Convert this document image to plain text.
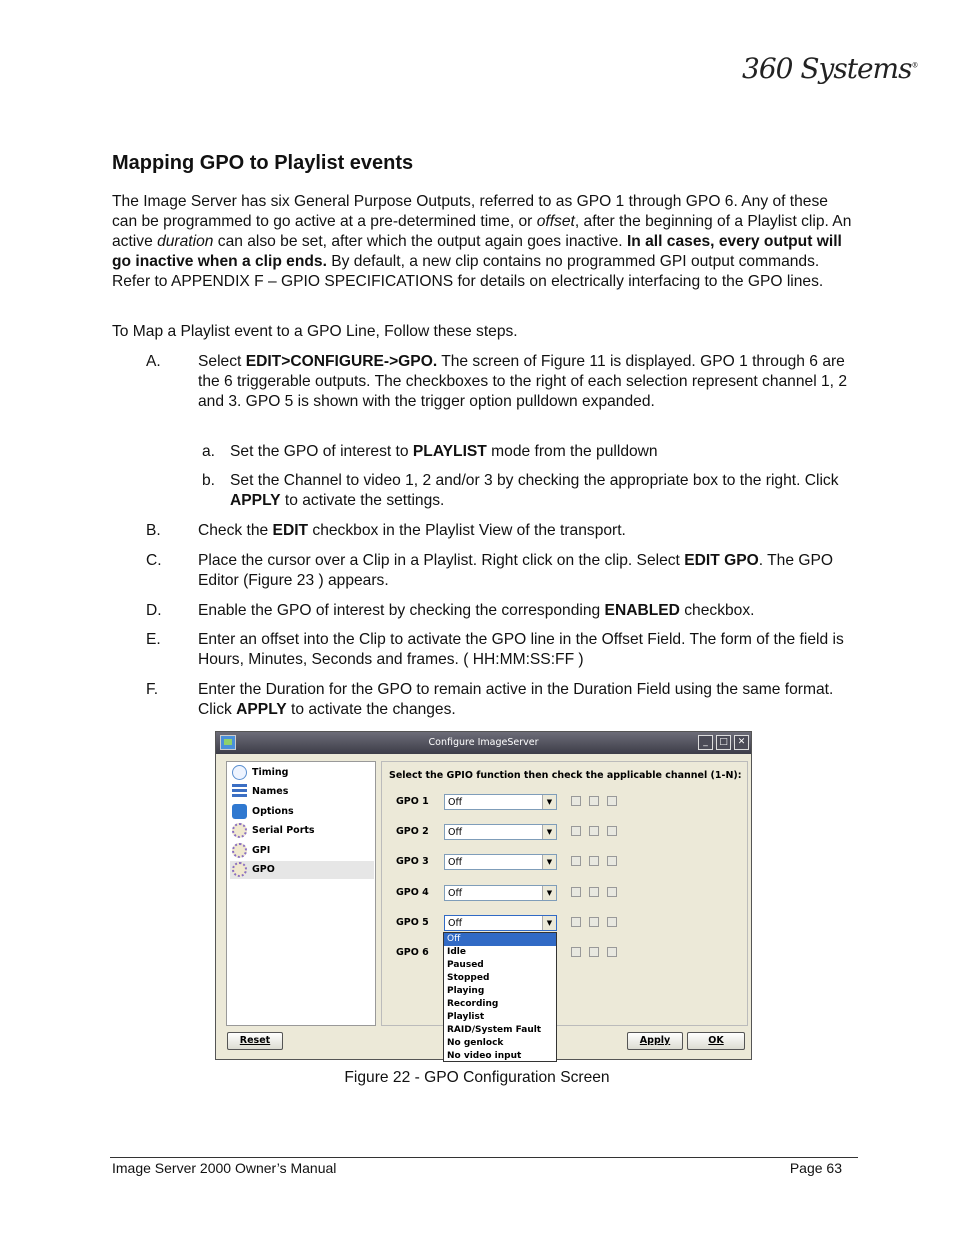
360 Systems®
Mapping GPO to Playlist events

The Image Server has six General Purpose Outputs, referred to as GPO 1 through GPO 6. Any of these can be programmed to go active at a pre-determined time, or offset, after the beginning of a Playlist clip. An active duration can also be set, after which the output again goes inactive. In all cases, every output will go inactive when a clip ends. By default, a new clip contains no programmed GPI output commands. Refer to APPENDIX F – GPIO SPECIFICATIONS for details on electrically interfacing to the GPO lines.

To Map a Playlist event to a GPO Line, Follow these steps.

A.	Select EDIT>CONFIGURE->GPO. The screen of Figure 11 is displayed. GPO 1 through 6 are the 6 triggerable outputs. The checkboxes to the right of each selection represent channel 1, 2 and 3. GPO 5 is shown with the trigger option pulldown expanded.
a. Set the GPO of interest to PLAYLIST mode from the pulldown
b. Set the Channel to video 1, 2 and/or 3 by checking the appropriate box to the right. Click APPLY to activate the settings.
B.	Check the EDIT checkbox in the Playlist View of the transport.
C.	Place the cursor over a Clip in a Playlist. Right click on the clip. Select EDIT GPO. The GPO Editor (Figure 23 ) appears.
D.	Enable the GPO of interest by checking the corresponding ENABLED checkbox.
E.	Enter an offset into the Clip to activate the GPO line in the Offset Field. The form of the field is Hours, Minutes, Seconds and frames. ( HH:MM:SS:FF )
F.	Enter the Duration for the GPO to remain active in the Duration Field using the same format. Click APPLY to activate the changes.
Configure ImageServer	_	□	✕
Timing
Names
Options
Serial Ports
GPI
GPO
Select the GPIO function then check the applicable channel (1-N):
GPO 1 Off	▼
GPO 2 Off	▼
GPO 3 Off	▼
GPO 4 Off	▼
GPO 5 Off	▼
GPO 6
Off
Idle
Paused
Stopped
Playing
Recording
Playlist
RAID/System Fault
No genlock
No video input
Reset	Apply	OK
Figure 22 - GPO Configuration Screen
Image Server 2000 Owner’s Manual	Page 63
